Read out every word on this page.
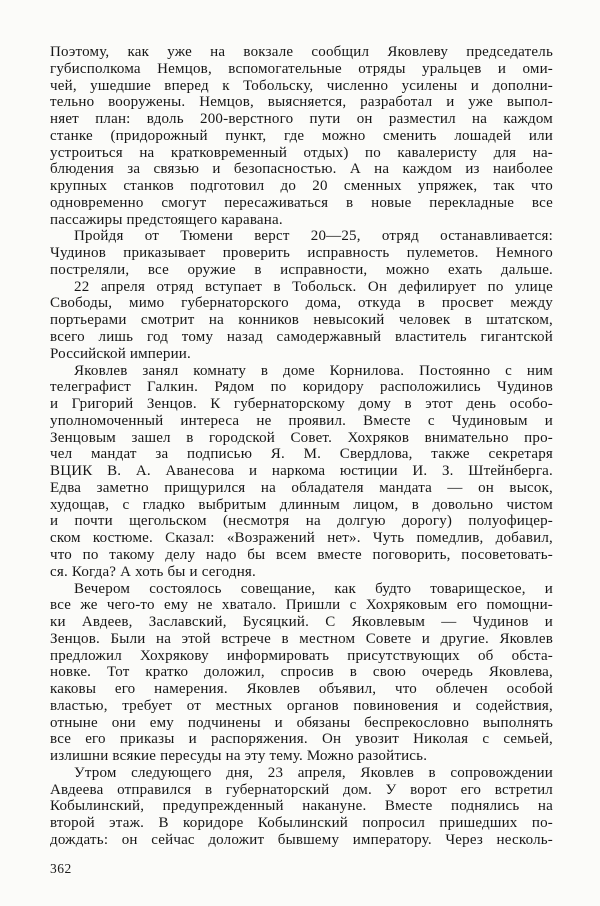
Поэтому, как уже на вокзале сообщил Яковлеву председатель
губисполкома Немцов, вспомогательные отряды уральцев и оми-
чей, ушедшие вперед к Тобольску, численно усилены и дополни-
тельно вооружены. Немцов, выясняется, разработал и уже выпол-
няет план: вдоль 200-верстного пути он разместил на каждом
станке (придорожный пункт, где можно сменить лошадей или
устроиться на кратковременный отдых) по кавалеристу для на-
блюдения за связью и безопасностью. А на каждом из наиболее
крупных станков подготовил до 20 сменных упряжек, так что
одновременно смогут пересаживаться в новые перекладные все
пассажиры предстоящего каравана.
Пройдя от Тюмени верст 20—25, отряд останавливается:
Чудинов приказывает проверить исправность пулеметов. Немного
постреляли, все оружие в исправности, можно ехать дальше.
22 апреля отряд вступает в Тобольск. Он дефилирует по улице
Свободы, мимо губернаторского дома, откуда в просвет между
портьерами смотрит на конников невысокий человек в штатском,
всего лишь год тому назад самодержавный властитель гигантской
Российской империи.
Яковлев занял комнату в доме Корнилова. Постоянно с ним
телеграфист Галкин. Рядом по коридору расположились Чудинов
и Григорий Зенцов. К губернаторскому дому в этот день особо-
уполномоченный интереса не проявил. Вместе с Чудиновым и
Зенцовым зашел в городской Совет. Хохряков внимательно про-
чел мандат за подписью Я. М. Свердлова, также секретаря
ВЦИК В. А. Аванесова и наркома юстиции И. З. Штейнберга.
Едва заметно прищурился на обладателя мандата — он высок,
худощав, с гладко выбритым длинным лицом, в довольно чистом
и почти щегольском (несмотря на долгую дорогу) полуофицер-
ском костюме. Сказал: «Возражений нет». Чуть помедлив, добавил,
что по такому делу надо бы всем вместе поговорить, посоветовать-
ся. Когда? А хоть бы и сегодня.
Вечером состоялось совещание, как будто товарищеское, и
все же чего-то ему не хватало. Пришли с Хохряковым его помощни-
ки Авдеев, Заславский, Бусяцкий. С Яковлевым — Чудинов и
Зенцов. Были на этой встрече в местном Совете и другие. Яковлев
предложил Хохрякову информировать присутствующих об обста-
новке. Тот кратко доложил, спросив в свою очередь Яковлева,
каковы его намерения. Яковлев объявил, что облечен особой
властью, требует от местных органов повиновения и содействия,
отныне они ему подчинены и обязаны беспрекословно выполнять
все его приказы и распоряжения. Он увозит Николая с семьей,
излишни всякие пересуды на эту тему. Можно разойтись.
Утром следующего дня, 23 апреля, Яковлев в сопровождении
Авдеева отправился в губернаторский дом. У ворот его встретил
Кобылинский, предупрежденный накануне. Вместе поднялись на
второй этаж. В коридоре Кобылинский попросил пришедших по-
дождать: он сейчас доложит бывшему императору. Через несколь-
362
